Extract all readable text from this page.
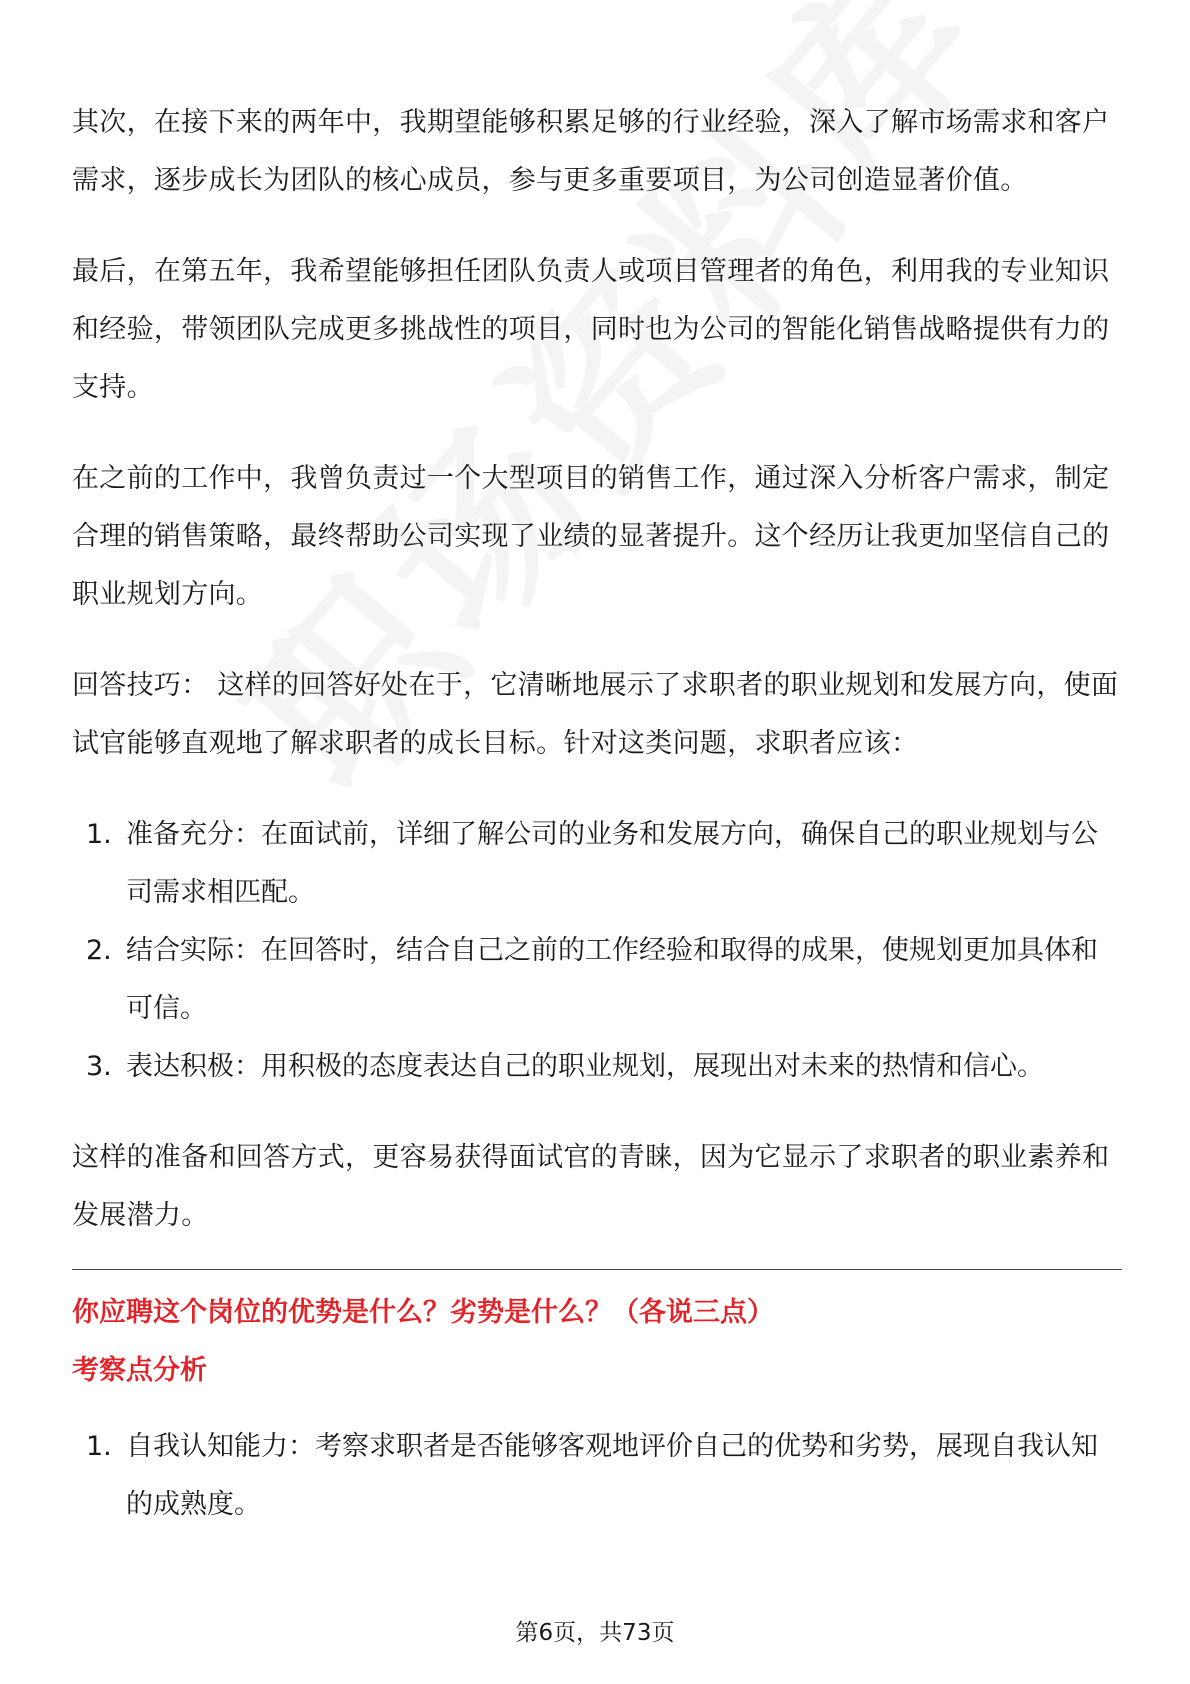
其次，在接下来的两年中，我期望能够积累足够的行业经验，深入了解市场需求和客户需求，逐步成长为团队的核心成员，参与更多重要项目，为公司创造显著价值。

最后，在第五年，我希望能够担任团队负责人或项目管理者的角色，利用我的专业知识和经验，带领团队完成更多挑战性的项目，同时也为公司的智能化销售战略提供有力的支持。

在之前的工作中，我曾负责过一个大型项目的销售工作，通过深入分析客户需求，制定合理的销售策略，最终帮助公司实现了业绩的显著提升。这个经历让我更加坚信自己的职业规划方向。

回答技巧： 这样的回答好处在于，它清晰地展示了求职者的职业规划和发展方向，使面试官能够直观地了解求职者的成长目标。针对这类问题，求职者应该：

1. 准备充分：在面试前，详细了解公司的业务和发展方向，确保自己的职业规划与公司需求相匹配。
2. 结合实际：在回答时，结合自己之前的工作经验和取得的成果，使规划更加具体和可信。
3. 表达积极：用积极的态度表达自己的职业规划，展现出对未来的热情和信心。

这样的准备和回答方式，更容易获得面试官的青睐，因为它显示了求职者的职业素养和发展潜力。

你应聘这个岗位的优势是什么？劣势是什么？（各说三点）
考察点分析
1. 自我认知能力：考察求职者是否能够客观地评价自己的优势和劣势，展现自我认知的成熟度。
第6页，共73页
